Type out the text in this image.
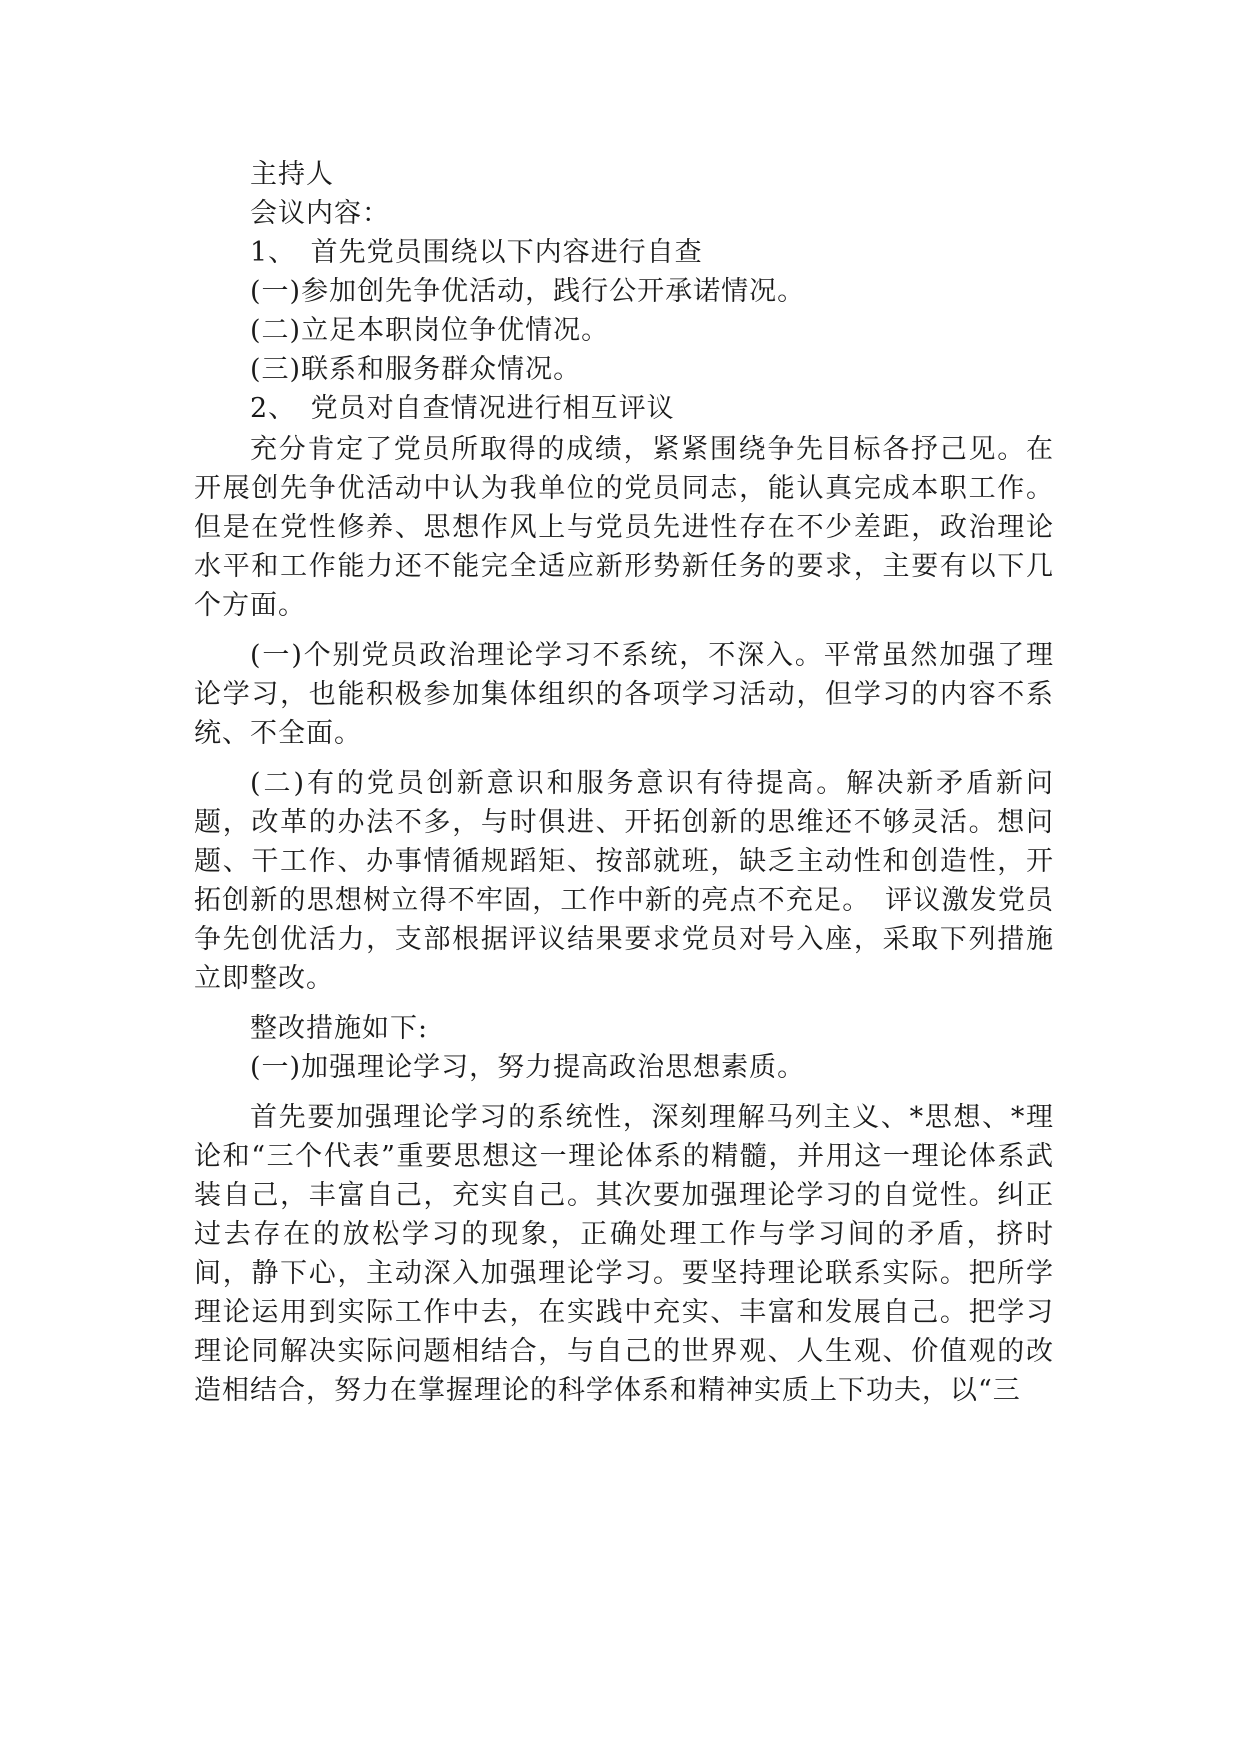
主持人
会议内容：
1、　首先党员围绕以下内容进行自查
(一)参加创先争优活动，践行公开承诺情况。
(二)立足本职岗位争优情况。
(三)联系和服务群众情况。
2、　党员对自查情况进行相互评议

充分肯定了党员所取得的成绩，紧紧围绕争先目标各抒己见。在开展创先争优活动中认为我单位的党员同志，能认真完成本职工作。但是在党性修养、思想作风上与党员先进性存在不少差距，政治理论水平和工作能力还不能完全适应新形势新任务的要求，主要有以下几个方面。

(一)个别党员政治理论学习不系统，不深入。平常虽然加强了理论学习，也能积极参加集体组织的各项学习活动，但学习的内容不系统、不全面。

(二)有的党员创新意识和服务意识有待提高。解决新矛盾新问题，改革的办法不多，与时俱进、开拓创新的思维还不够灵活。想问题、干工作、办事情循规蹈矩、按部就班，缺乏主动性和创造性，开拓创新的思想树立得不牢固，工作中新的亮点不充足。　评议激发党员争先创优活力，支部根据评议结果要求党员对号入座，采取下列措施立即整改。

整改措施如下:
(一)加强理论学习，努力提高政治思想素质。

首先要加强理论学习的系统性，深刻理解马列主义、*思想、*理论和“三个代表”重要思想这一理论体系的精髓，并用这一理论体系武装自己，丰富自己，充实自己。其次要加强理论学习的自觉性。纠正过去存在的放松学习的现象，正确处理工作与学习间的矛盾，挤时间，静下心，主动深入加强理论学习。要坚持理论联系实际。把所学理论运用到实际工作中去，在实践中充实、丰富和发展自己。把学习理论同解决实际问题相结合，与自己的世界观、人生观、价值观的改造相结合，努力在掌握理论的科学体系和精神实质上下功夫，以“三
